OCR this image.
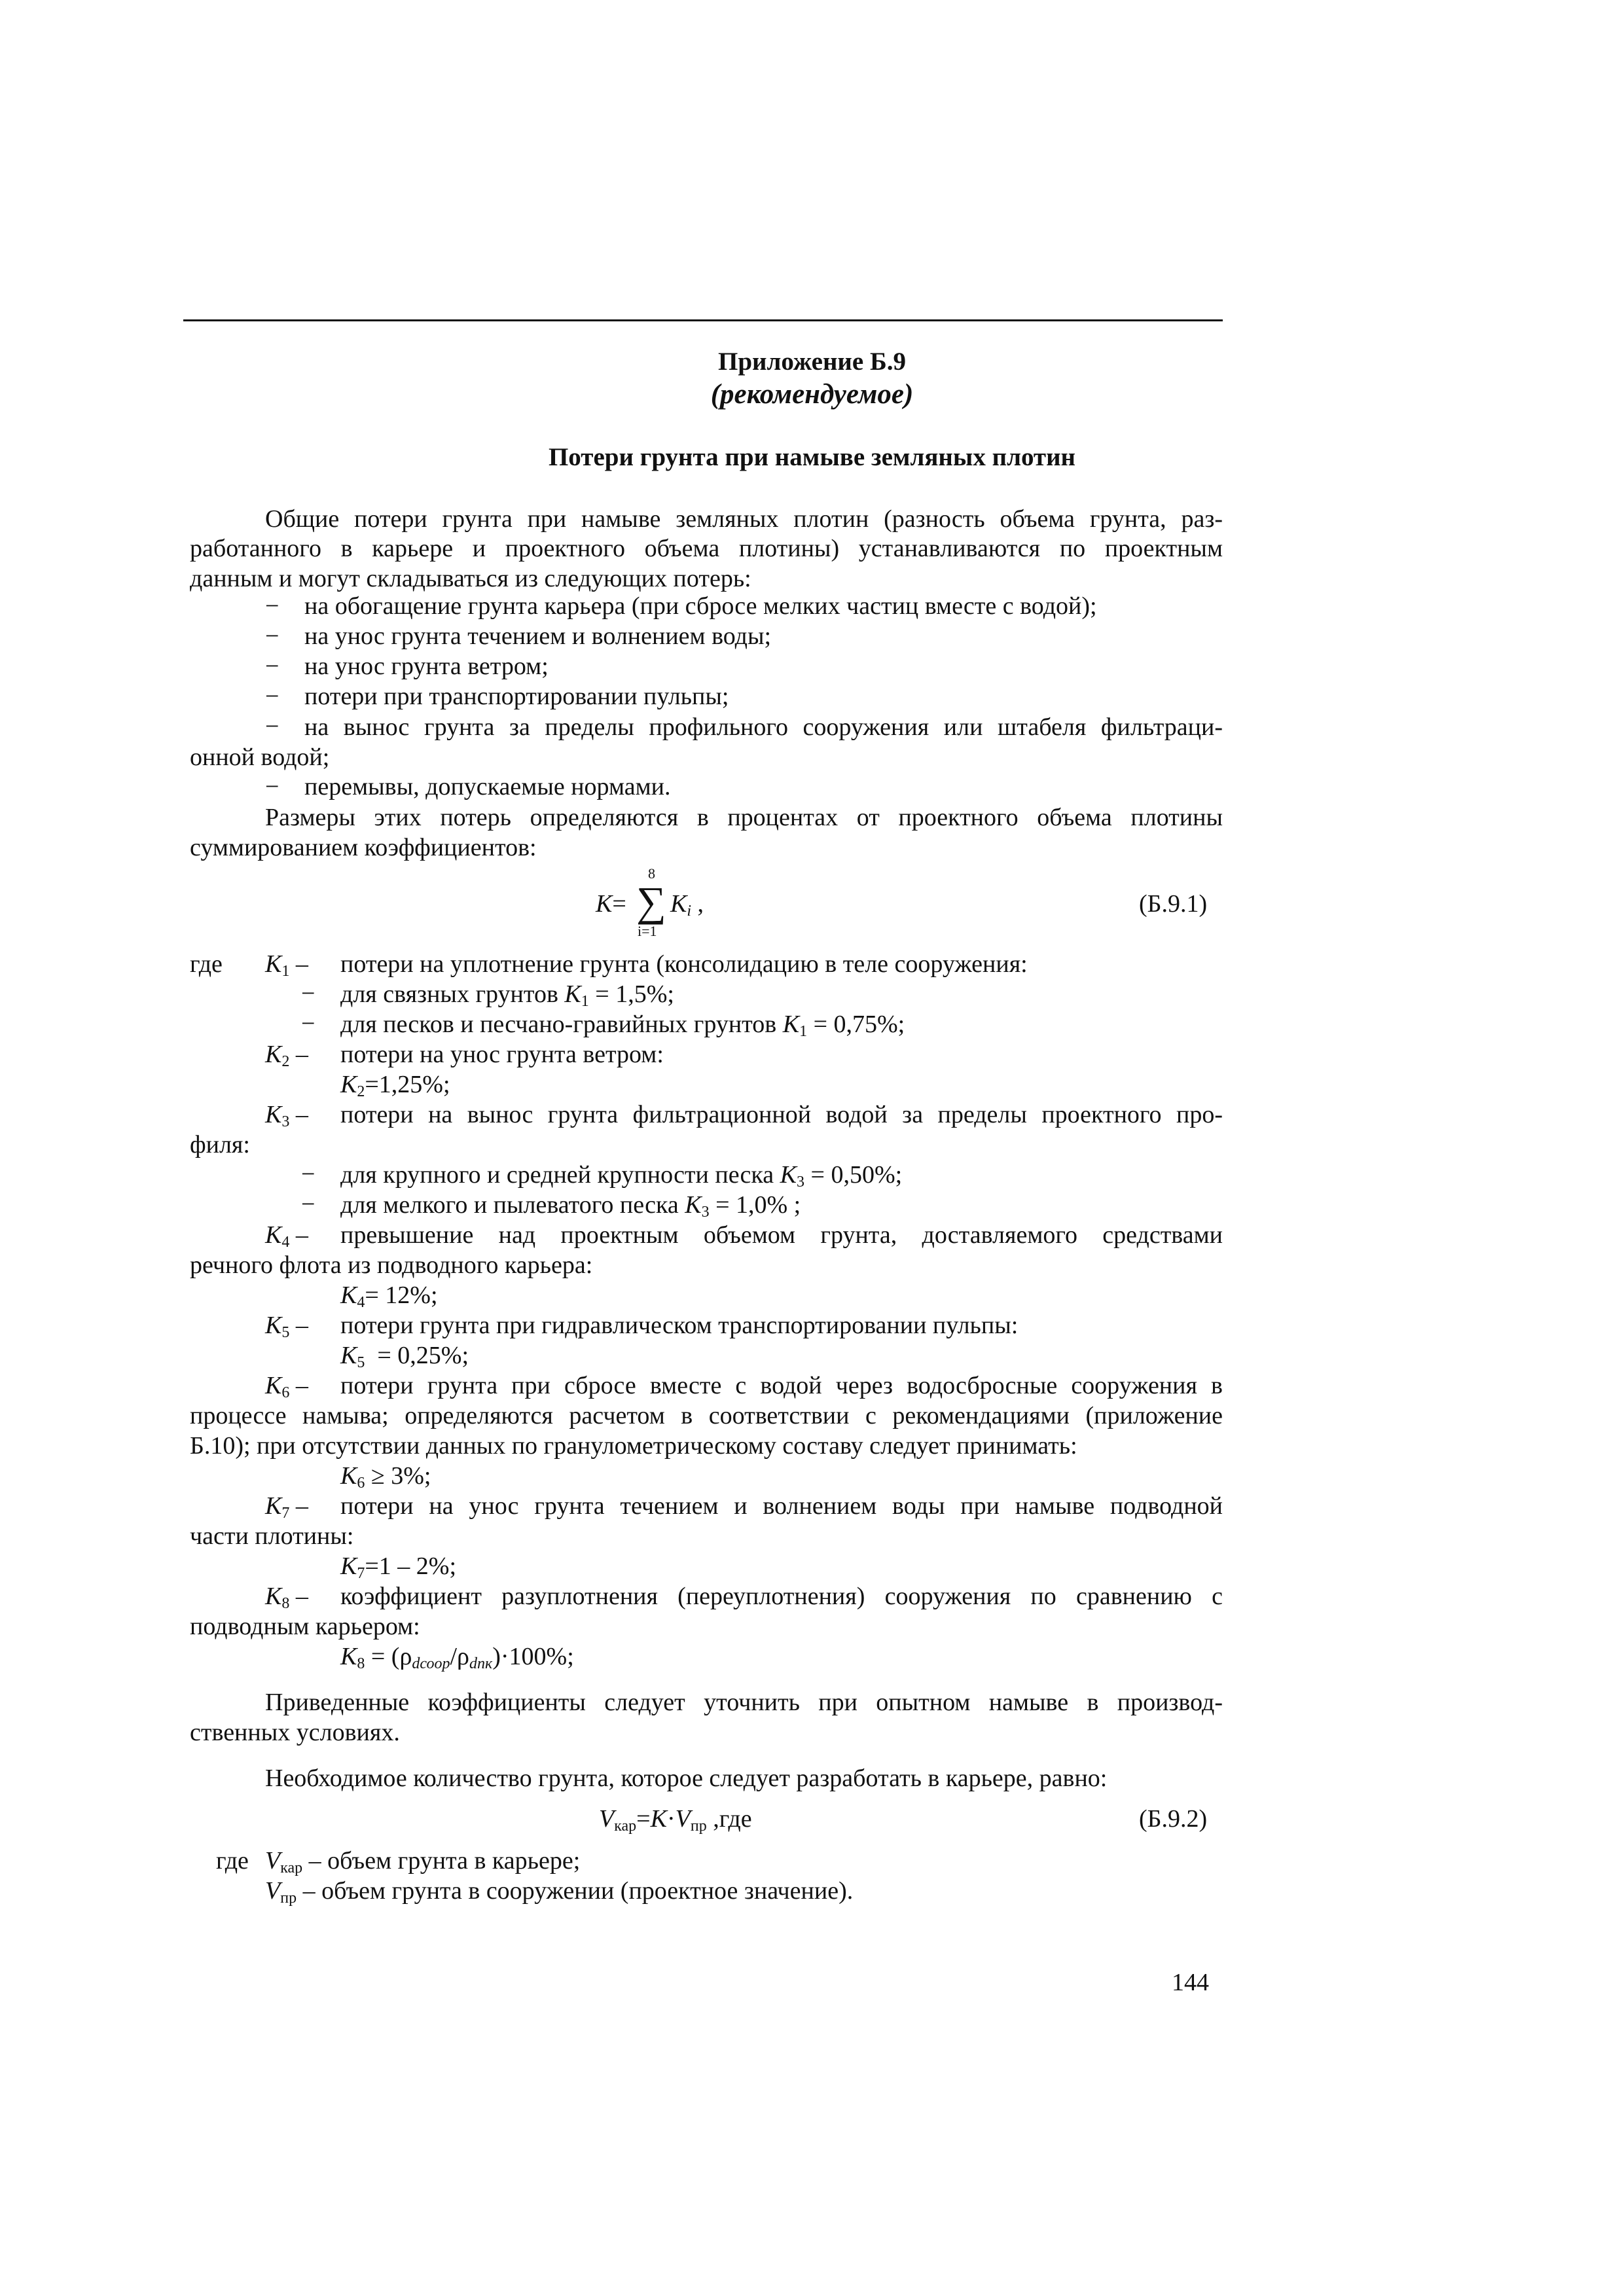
Приложение Б.9
(рекомендуемое)
Потери грунта при намыве земляных плотин
Общие потери грунта при намыве земляных плотин (разность объема грунта, раз-
работанного в карьере и проектного объема плотины) устанавливаются по проектным
данным и могут складываться из следующих потерь:
− на обогащение грунта карьера (при сбросе мелких частиц вместе с водой);
− на унос грунта течением и волнением воды;
− на унос грунта ветром;
− потери при транспортировании пульпы;
− на вынос грунта за пределы профильного сооружения или штабеля фильтраци-
онной водой;
− перемывы, допускаемые нормами.
Размеры этих потерь определяются в процентах от проектного объема плотины
суммированием коэффициентов:
K=
8
∑
i=1
$K_i$ ,	(Б.9.1)
где $K_1$ – потери на уплотнение грунта (консолидацию в теле сооружения:
− для связных грунтов $K_1 = 1,5\%$;
− для песков и песчано-гравийных грунтов $K_1 = 0,75\%$;
$K_2$ – потери на унос грунта ветром:
$K_2=1,25\%$;
$K_3$ – потери на вынос грунта фильтрационной водой за пределы проектного про-
филя:
− для крупного и средней крупности песка $K_3 = 0,50\%$;
− для мелкого и пылеватого песка $K_3 = 1,0\%$ ;
$K_4$ – превышение над проектным объемом грунта, доставляемого средствами
речного флота из подводного карьера:
$K_4= 12\%$;
$K_5$ – потери грунта при гидравлическом транспортировании пульпы:
$K_5 = 0,25\%$;
$K_6$ – потери грунта при сбросе вместе с водой через водосбросные сооружения в
процессе намыва; определяются расчетом в соответствии с рекомендациями (приложение
Б.10); при отсутствии данных по гранулометрическому составу следует принимать:
$K_6 \ge 3\%$;
$K_7$ – потери на унос грунта течением и волнением воды при намыве подводной
части плотины:
$K_7=1 - 2\%$;
$K_8$ – коэффициент разуплотнения (переуплотнения) сооружения по сравнению с
подводным карьером:
$K_8 = (\rho_{dсоор}/\rho_{dпк})\cdot 100\%$;
Приведенные коэффициенты следует уточнить при опытном намыве в производ-
ственных условиях.
Необходимое количество грунта, которое следует разработать в карьере, равно:
$V_{кар}=K\cdot V_{пр}$ ,где	(Б.9.2)
где $V_{кар}$ – объем грунта в карьере;
$V_{пр}$ – объем грунта в сооружении (проектное значение).
144
